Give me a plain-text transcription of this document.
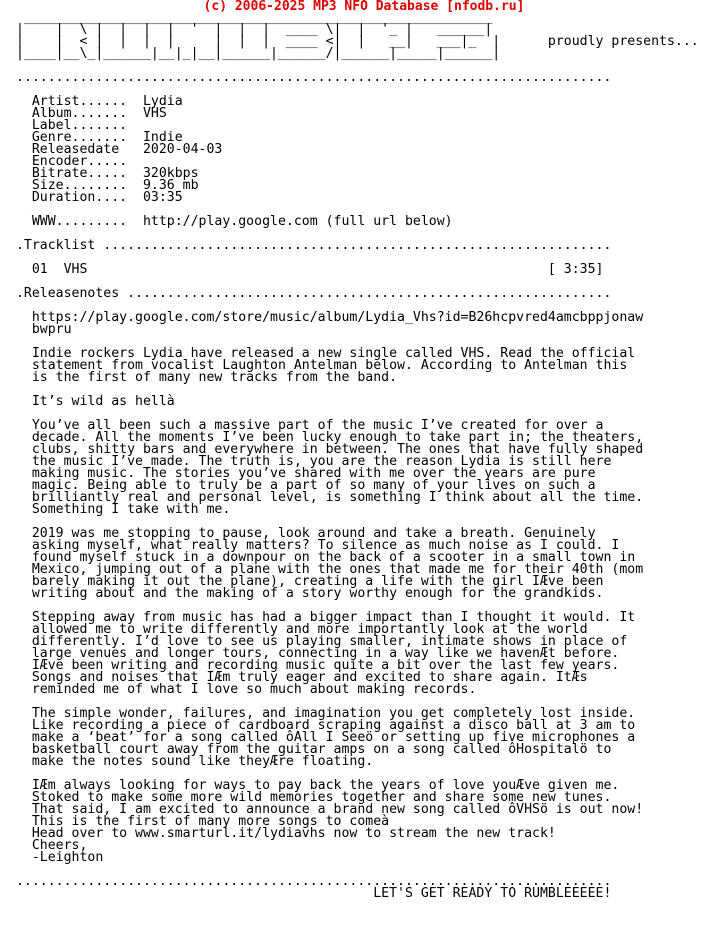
(c) 2006-2025 MP3 NFO Database [nfodb.ru]
___________________________________________________________
|    |  \ |  |  |  |  '  |  |  |  ____ \|  |  '_ |   ______|
|    |  < |  |  |  |     |  |  |  ____ <|  |   __|   ___|_  |      proudly presents...
|____|__\_|______|__|_|__|______|______/|______|_____|______|
...........................................................................
Artist......  Lydia
Album.......  VHS
Label.......
Genre.......  Indie
Releasedate   2020-04-03
Encoder.....
Bitrate.....  320kbps
Size........  9.36 mb
Duration....  03:35
WWW.........  http://play.google.com (full url below)
.Tracklist ................................................................
01  VHS                                                          [ 3:35]
.Releasenotes .............................................................
https://play.google.com/store/music/album/Lydia_Vhs?id=B26hcpvred4amcbppjonaw
bwpru
Indie rockers Lydia have released a new single called VHS. Read the official
statement from vocalist Laughton Antelman below. According to Antelman this
is the first of many new tracks from the band.
It’s wild as hellà
You’ve all been such a massive part of the music I’ve created for over a
decade. All the moments I’ve been lucky enough to take part in; the theaters,
clubs, shitty bars and everywhere in between. The ones that have fully shaped
the music I’ve made. The truth is, you are the reason Lydia is still here
making music. The stories you’ve shared with me over the years are pure
magic. Being able to truly be a part of so many of your lives on such a
brilliantly real and personal level, is something I think about all the time.
Something I take with me.
2019 was me stopping to pause, look around and take a breath. Genuinely
asking myself, what really matters? To silence as much noise as I could. I
found myself stuck in a downpour on the back of a scooter in a small town in
Mexico, jumping out of a plane with the ones that made me for their 40th (mom
barely making it out the plane), creating a life with the girl IÆve been
writing about and the making of a story worthy enough for the grandkids.
Stepping away from music has had a bigger impact than I thought it would. It
allowed me to write differently and more importantly look at the world
differently. I’d love to see us playing smaller, intimate shows in place of
large venues and longer tours, connecting in a way like we havenÆt before.
IÆve been writing and recording music quite a bit over the last few years.
Songs and noises that IÆm truly eager and excited to share again. ItÆs
reminded me of what I love so much about making records.
The simple wonder, failures, and imagination you get completely lost inside.
Like recording a piece of cardboard scraping against a disco ball at 3 am to
make a ‘beat’ for a song called ôAll I Seeö or setting up five microphones a
basketball court away from the guitar amps on a song called ôHospitalö to
make the notes sound like theyÆre floating.
IÆm always looking for ways to pay back the years of love youÆve given me.
Stoked to make some more wild memories together and share some new tunes.
That said, I am excited to announce a brand new song called ôVHSö is out now!
This is the first of many more songs to comeà
Head over to www.smarturl.it/lydiavhs now to stream the new track!
Cheers,
-Leighton
...........................................................................
LET'S GET READY TO RUMBLEEEEE!
